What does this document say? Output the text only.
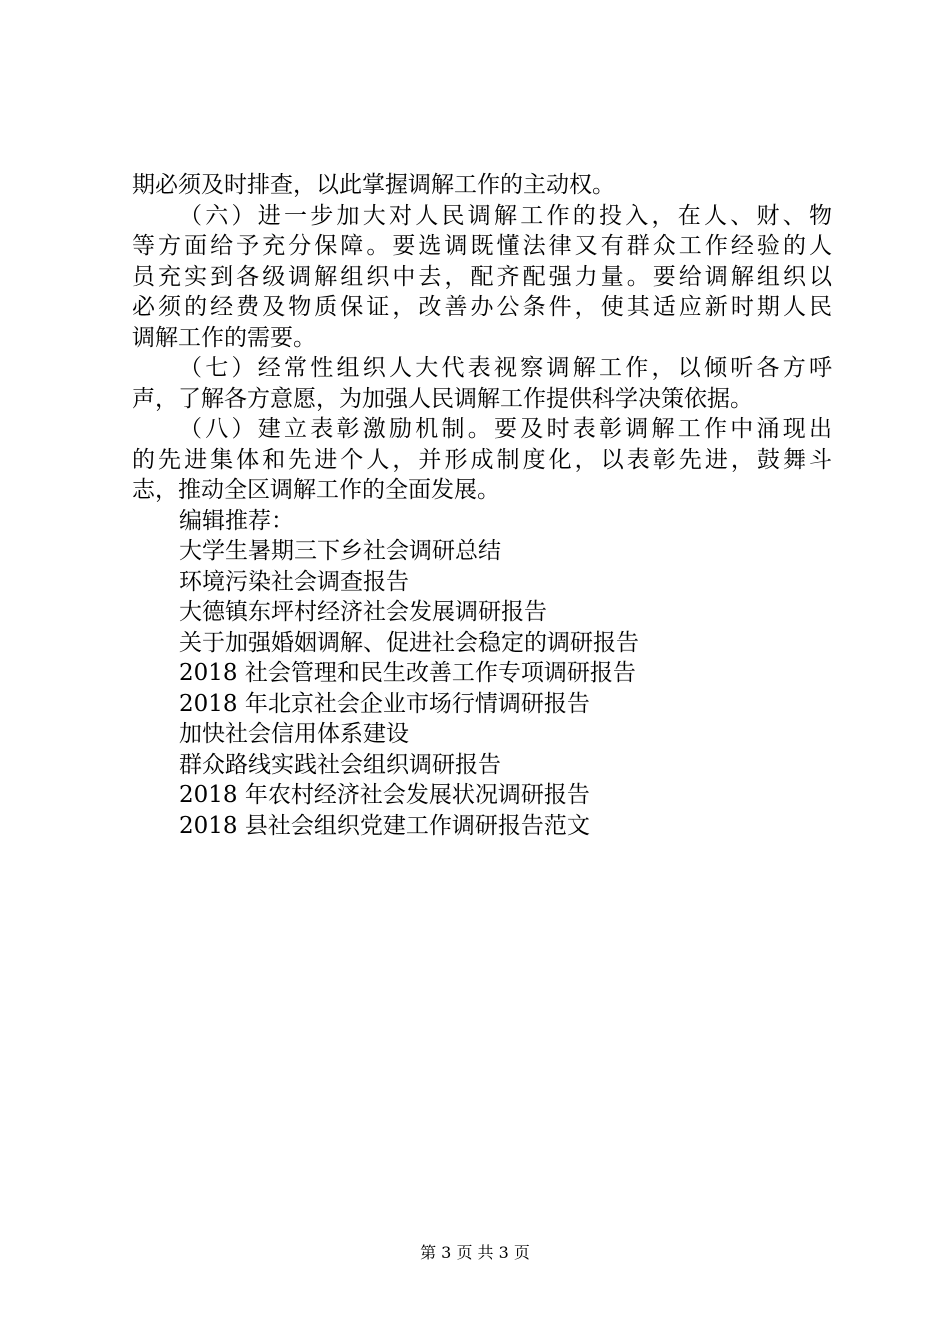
期必须及时排查，以此掌握调解工作的主动权。
（六）进一步加大对人民调解工作的投入，在人、财、物
等方面给予充分保障。要选调既懂法律又有群众工作经验的人
员充实到各级调解组织中去，配齐配强力量。要给调解组织以
必须的经费及物质保证，改善办公条件，使其适应新时期人民
调解工作的需要。
（七）经常性组织人大代表视察调解工作，以倾听各方呼
声，了解各方意愿，为加强人民调解工作提供科学决策依据。
（八）建立表彰激励机制。要及时表彰调解工作中涌现出
的先进集体和先进个人，并形成制度化，以表彰先进，鼓舞斗
志，推动全区调解工作的全面发展。
编辑推荐：
大学生暑期三下乡社会调研总结
环境污染社会调查报告
大德镇东坪村经济社会发展调研报告
关于加强婚姻调解、促进社会稳定的调研报告
2018 社会管理和民生改善工作专项调研报告
2018 年北京社会企业市场行情调研报告
加快社会信用体系建设
群众路线实践社会组织调研报告
2018 年农村经济社会发展状况调研报告
2018 县社会组织党建工作调研报告范文
第 3 页 共 3 页
